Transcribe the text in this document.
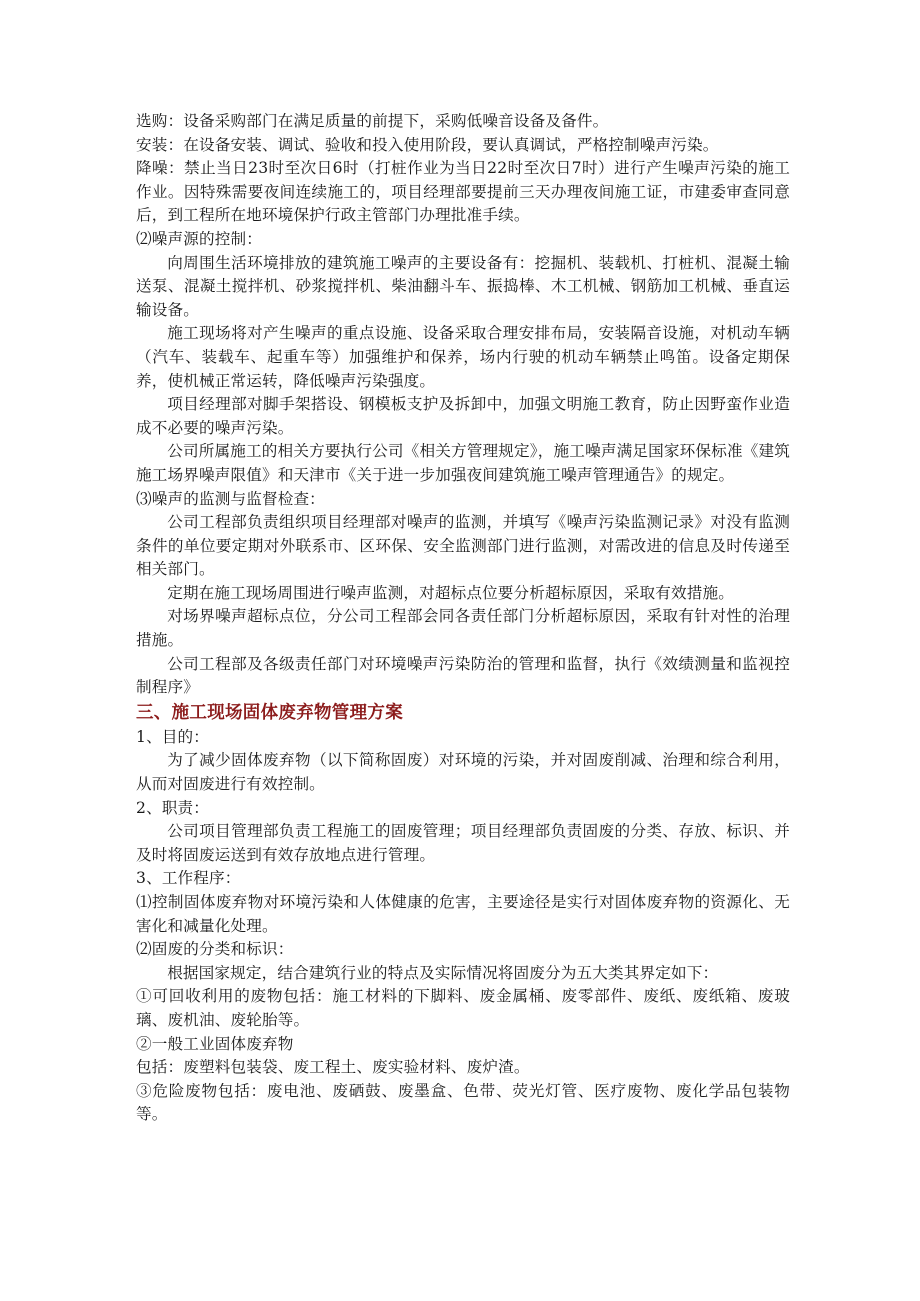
选购：设备采购部门在满足质量的前提下，采购低噪音设备及备件。

安装：在设备安装、调试、验收和投入使用阶段，要认真调试，严格控制噪声污染。

降噪：禁止当日23时至次日6时（打桩作业为当日22时至次日7时）进行产生噪声污染的施工作业。因特殊需要夜间连续施工的，项目经理部要提前三天办理夜间施工证，市建委审查同意后，到工程所在地环境保护行政主管部门办理批准手续。

⑵噪声源的控制：

向周围生活环境排放的建筑施工噪声的主要设备有：挖掘机、装载机、打桩机、混凝土输送泵、混凝土搅拌机、砂浆搅拌机、柴油翻斗车、振捣棒、木工机械、钢筋加工机械、垂直运输设备。

施工现场将对产生噪声的重点设施、设备采取合理安排布局，安装隔音设施，对机动车辆（汽车、装载车、起重车等）加强维护和保养，场内行驶的机动车辆禁止鸣笛。设备定期保养，使机械正常运转，降低噪声污染强度。

项目经理部对脚手架搭设、钢模板支护及拆卸中，加强文明施工教育，防止因野蛮作业造成不必要的噪声污染。

公司所属施工的相关方要执行公司《相关方管理规定》，施工噪声满足国家环保标准《建筑施工场界噪声限值》和天津市《关于进一步加强夜间建筑施工噪声管理通告》的规定。

⑶噪声的监测与监督检查：

公司工程部负责组织项目经理部对噪声的监测，并填写《噪声污染监测记录》对没有监测条件的单位要定期对外联系市、区环保、安全监测部门进行监测，对需改进的信息及时传递至相关部门。

定期在施工现场周围进行噪声监测，对超标点位要分析超标原因，采取有效措施。

对场界噪声超标点位，分公司工程部会同各责任部门分析超标原因，采取有针对性的治理措施。

公司工程部及各级责任部门对环境噪声污染防治的管理和监督，执行《效绩测量和监视控制程序》

三、施工现场固体废弃物管理方案

1、目的：

为了减少固体废弃物（以下简称固废）对环境的污染，并对固废削减、治理和综合利用，从而对固废进行有效控制。

2、职责：

公司项目管理部负责工程施工的固废管理；项目经理部负责固废的分类、存放、标识、并及时将固废运送到有效存放地点进行管理。

3、工作程序：

⑴控制固体废弃物对环境污染和人体健康的危害，主要途径是实行对固体废弃物的资源化、无害化和减量化处理。

⑵固废的分类和标识：

根据国家规定，结合建筑行业的特点及实际情况将固废分为五大类其界定如下：

①可回收利用的废物包括：施工材料的下脚料、废金属桶、废零部件、废纸、废纸箱、废玻璃、废机油、废轮胎等。

②一般工业固体废弃物

包括：废塑料包装袋、废工程土、废实验材料、废炉渣。

③危险废物包括：废电池、废硒鼓、废墨盒、色带、荧光灯管、医疗废物、废化学品包装物等。
